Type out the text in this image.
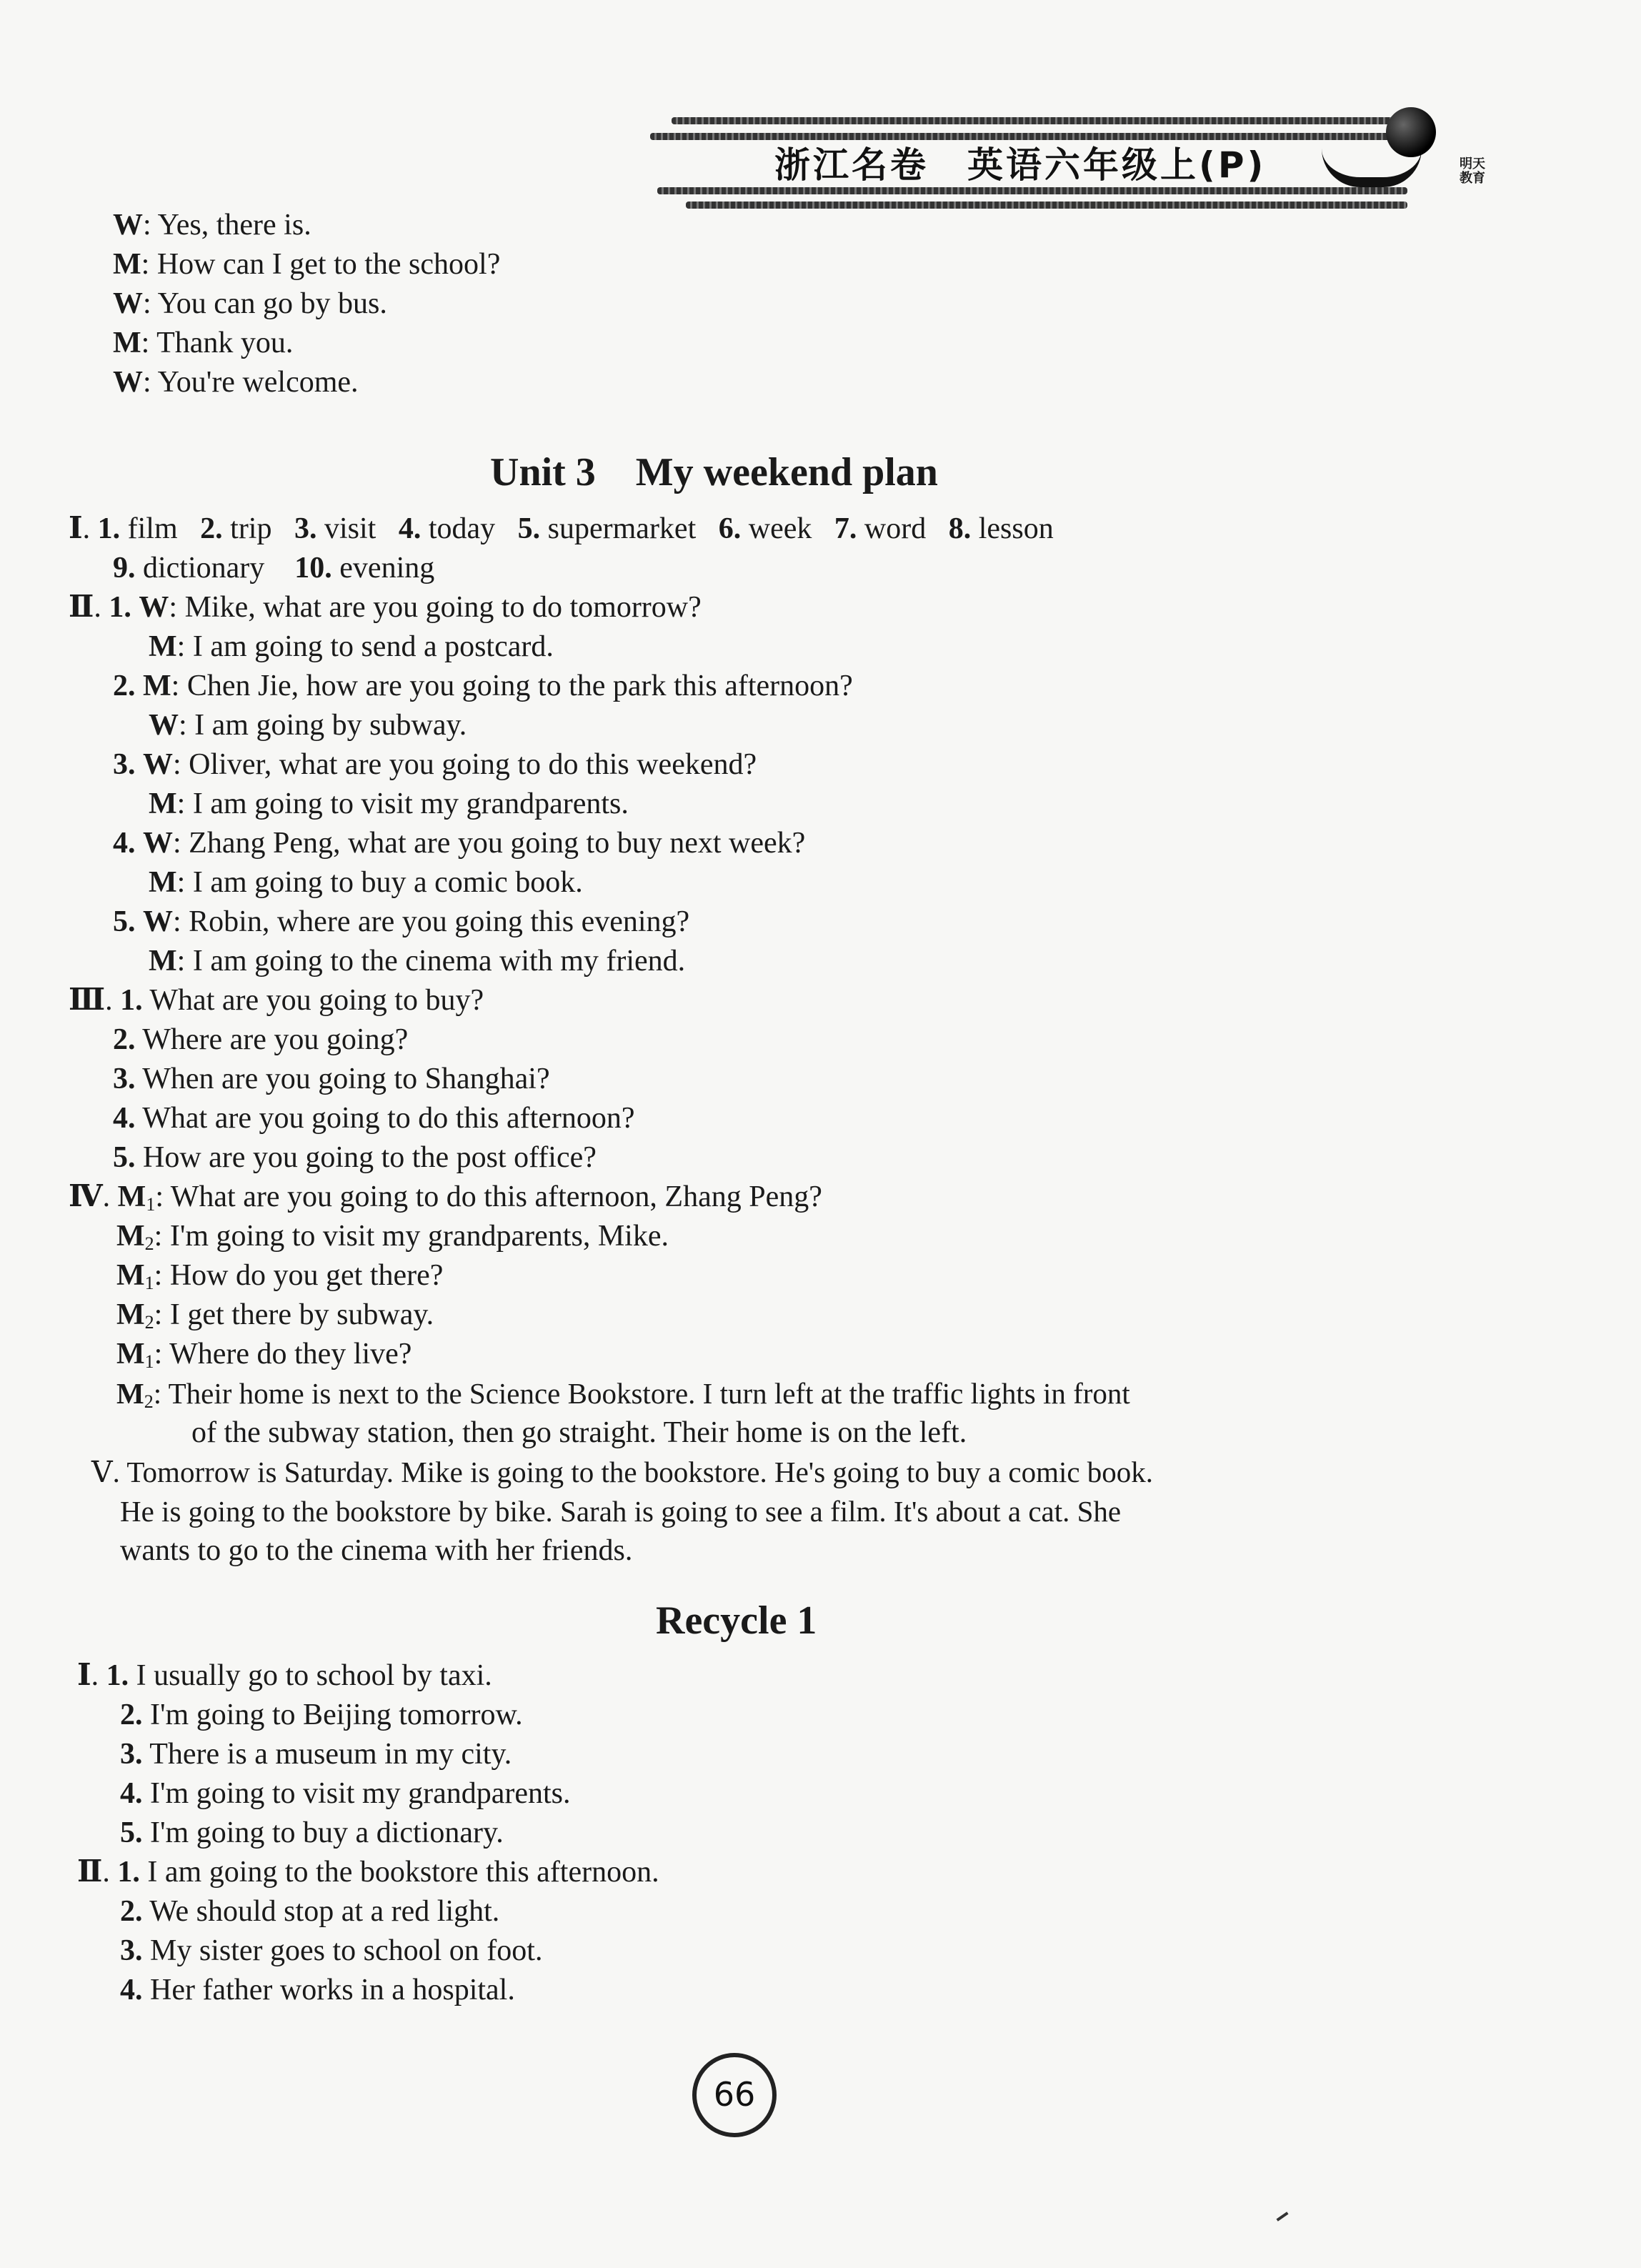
浙江名卷　英语六年级上(P)	明天教育
W: Yes, there is.
M: How can I get to the school?
W: You can go by bus.
M: Thank you.
W: You're welcome.
Unit 3　My weekend plan
Ⅰ. 1. film 2. trip 3. visit 4. today 5. supermarket 6. week 7. word 8. lesson
9. dictionary 10. evening
Ⅱ. 1. W: Mike, what are you going to do tomorrow?
M: I am going to send a postcard.
2. M: Chen Jie, how are you going to the park this afternoon?
W: I am going by subway.
3. W: Oliver, what are you going to do this weekend?
M: I am going to visit my grandparents.
4. W: Zhang Peng, what are you going to buy next week?
M: I am going to buy a comic book.
5. W: Robin, where are you going this evening?
M: I am going to the cinema with my friend.
Ⅲ. 1. What are you going to buy?
2. Where are you going?
3. When are you going to Shanghai?
4. What are you going to do this afternoon?
5. How are you going to the post office?
Ⅳ. $M_1$: What are you going to do this afternoon, Zhang Peng?
$M_2$: I'm going to visit my grandparents, Mike.
$M_1$: How do you get there?
$M_2$: I get there by subway.
$M_1$: Where do they live?
$M_2$: Their home is next to the Science Bookstore. I turn left at the traffic lights in front
of the subway station, then go straight. Their home is on the left.
Ⅴ. Tomorrow is Saturday. Mike is going to the bookstore. He's going to buy a comic book.
He is going to the bookstore by bike. Sarah is going to see a film. It's about a cat. She
wants to go to the cinema with her friends.
Recycle 1
Ⅰ. 1. I usually go to school by taxi.
2. I'm going to Beijing tomorrow.
3. There is a museum in my city.
4. I'm going to visit my grandparents.
5. I'm going to buy a dictionary.
Ⅱ. 1. I am going to the bookstore this afternoon.
2. We should stop at a red light.
3. My sister goes to school on foot.
4. Her father works in a hospital.
66
